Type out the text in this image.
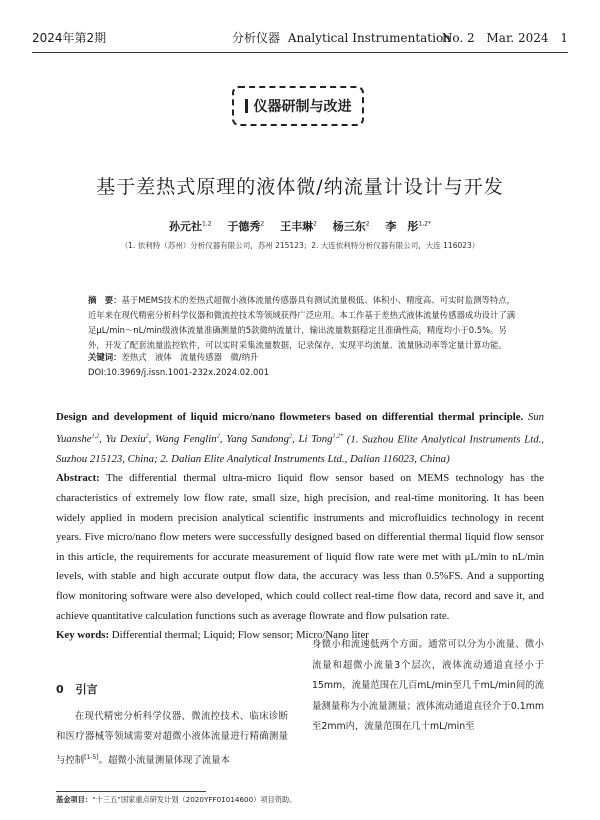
2024年第2期	分析仪器 Analytical Instrumentation
No. 2 Mar. 2024 1
仪器研制与改进
基于差热式原理的液体微/纳流量计设计与开发
孙元社$^{1,2}$ 于德秀$^2$ 王丰琳$^2$ 杨三东$^2$ 李　彤$^{1,2*}$
（1. 依利特（苏州）分析仪器有限公司，苏州 215123；2. 大连依利特分析仪器有限公司，大连 116023）
摘　要：基于MEMS技术的差热式超微小液体流量传感器具有测试流量极低、体积小、精度高、可实时监测等特点，近年来在现代精密分析科学仪器和微流控技术等领域获得广泛应用。本工作基于差热式液体流量传感器成功设计了满足μL/min～nL/min级液体流量准确测量的5款微纳流量计，输出流量数据稳定且准确性高，精度均小于0.5%。另外，开发了配套流量监控软件，可以实时采集流量数据，记录保存，实现平均流量、流量脉动率等定量计算功能。
关键词：差热式　液体　流量传感器　微/纳升
DOI:10.3969/j.issn.1001-232x.2024.02.001
Design and development of liquid micro/nano flowmeters based on differential thermal principle. Sun Yuanshe$^{1,2}$, Yu Dexiu$^2$, Wang Fenglin$^2$, Yang Sandong$^2$, Li Tong$^{1,2*}$ (1. Suzhou Elite Analytical Instruments Ltd., Suzhou 215123, China; 2. Dalian Elite Analytical Instruments Ltd., Dalian 116023, China)
Abstract: The differential thermal ultra-micro liquid flow sensor based on MEMS technology has the characteristics of extremely low flow rate, small size, high precision, and real-time monitoring. It has been widely applied in modern precision analytical scientific instruments and microfluidics technology in recent years. Five micro/nano flow meters were successfully designed based on differential thermal liquid flow sensor in this article, the requirements for accurate measurement of liquid flow rate were met with μL/min to nL/min levels, with stable and high accurate output flow data, the accuracy was less than 0.5%FS. And a supporting flow monitoring software were also developed, which could collect real-time flow data, record and save it, and achieve quantitative calculation functions such as average flowrate and flow pulsation rate.
Key words: Differential thermal; Liquid; Flow sensor; Micro/Nano liter
0 引言

在现代精密分析科学仪器、微流控技术、临床诊断和医疗器械等领域需要对超微小液体流量进行精确测量与控制[1-5]。超微小流量测量体现了流量本

身微小和流速低两个方面。通常可以分为小流量、微小流量和超微小流量3个层次，液体流动通道直径小于15mm，流量范围在几百mL/min至几千mL/min间的流量测量称为小流量测量；液体流动通道直径介于0.1mm至2mm内，流量范围在几十mL/min至

基金项目：“十三五”国家重点研发计划（2020YFF01014600）项目资助。
